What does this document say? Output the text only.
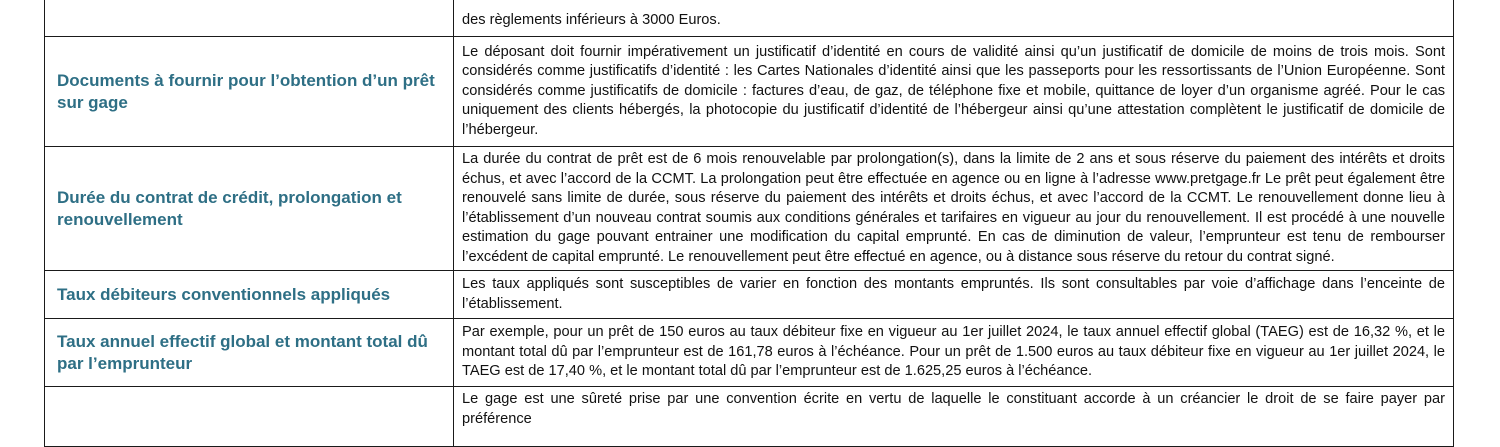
	des règlements inférieurs à 3000 Euros.
Documents à fournir pour l’obtention d’un prêt sur gage	Le déposant doit fournir impérativement un justificatif d’identité en cours de validité ainsi qu’un justificatif de domicile de moins de trois mois. Sont considérés comme justificatifs d’identité : les Cartes Nationales d’identité ainsi que les passeports pour les ressortissants de l’Union Européenne. Sont considérés comme justificatifs de domicile : factures d’eau, de gaz, de téléphone fixe et mobile, quittance de loyer d’un organisme agréé. Pour le cas uniquement des clients hébergés, la photocopie du justificatif d’identité de l’hébergeur ainsi qu’une attestation complètent le justificatif de domicile de l’hébergeur.
Durée du contrat de crédit, prolongation et renouvellement	La durée du contrat de prêt est de 6 mois renouvelable par prolongation(s), dans la limite de 2 ans et sous réserve du paiement des intérêts et droits échus, et avec l’accord de la CCMT. La prolongation peut être effectuée en agence ou en ligne à l’adresse www.pretgage.fr Le prêt peut également être renouvelé sans limite de durée, sous réserve du paiement des intérêts et droits échus, et avec l’accord de la CCMT. Le renouvellement donne lieu à l’établissement d’un nouveau contrat soumis aux conditions générales et tarifaires en vigueur au jour du renouvellement. Il est procédé à une nouvelle estimation du gage pouvant entrainer une modification du capital emprunté. En cas de diminution de valeur, l’emprunteur est tenu de rembourser l’excédent de capital emprunté. Le renouvellement peut être effectué en agence, ou à distance sous réserve du retour du contrat signé.
Taux débiteurs conventionnels appliqués	Les taux appliqués sont susceptibles de varier en fonction des montants empruntés. Ils sont consultables par voie d’affichage dans l’enceinte de l’établissement.
Taux annuel effectif global et montant total dû par l’emprunteur	Par exemple, pour un prêt de 150 euros au taux débiteur fixe en vigueur au 1er juillet 2024, le taux annuel effectif global (TAEG) est de 16,32 %, et le montant total dû par l’emprunteur est de 161,78 euros à l’échéance. Pour un prêt de 1.500 euros au taux débiteur fixe en vigueur au 1er juillet 2024, le TAEG est de 17,40 %, et le montant total dû par l’emprunteur est de 1.625,25 euros à l’échéance.
	Le gage est une sûreté prise par une convention écrite en vertu de laquelle le constituant accorde à un créancier le droit de se faire payer par préférence
